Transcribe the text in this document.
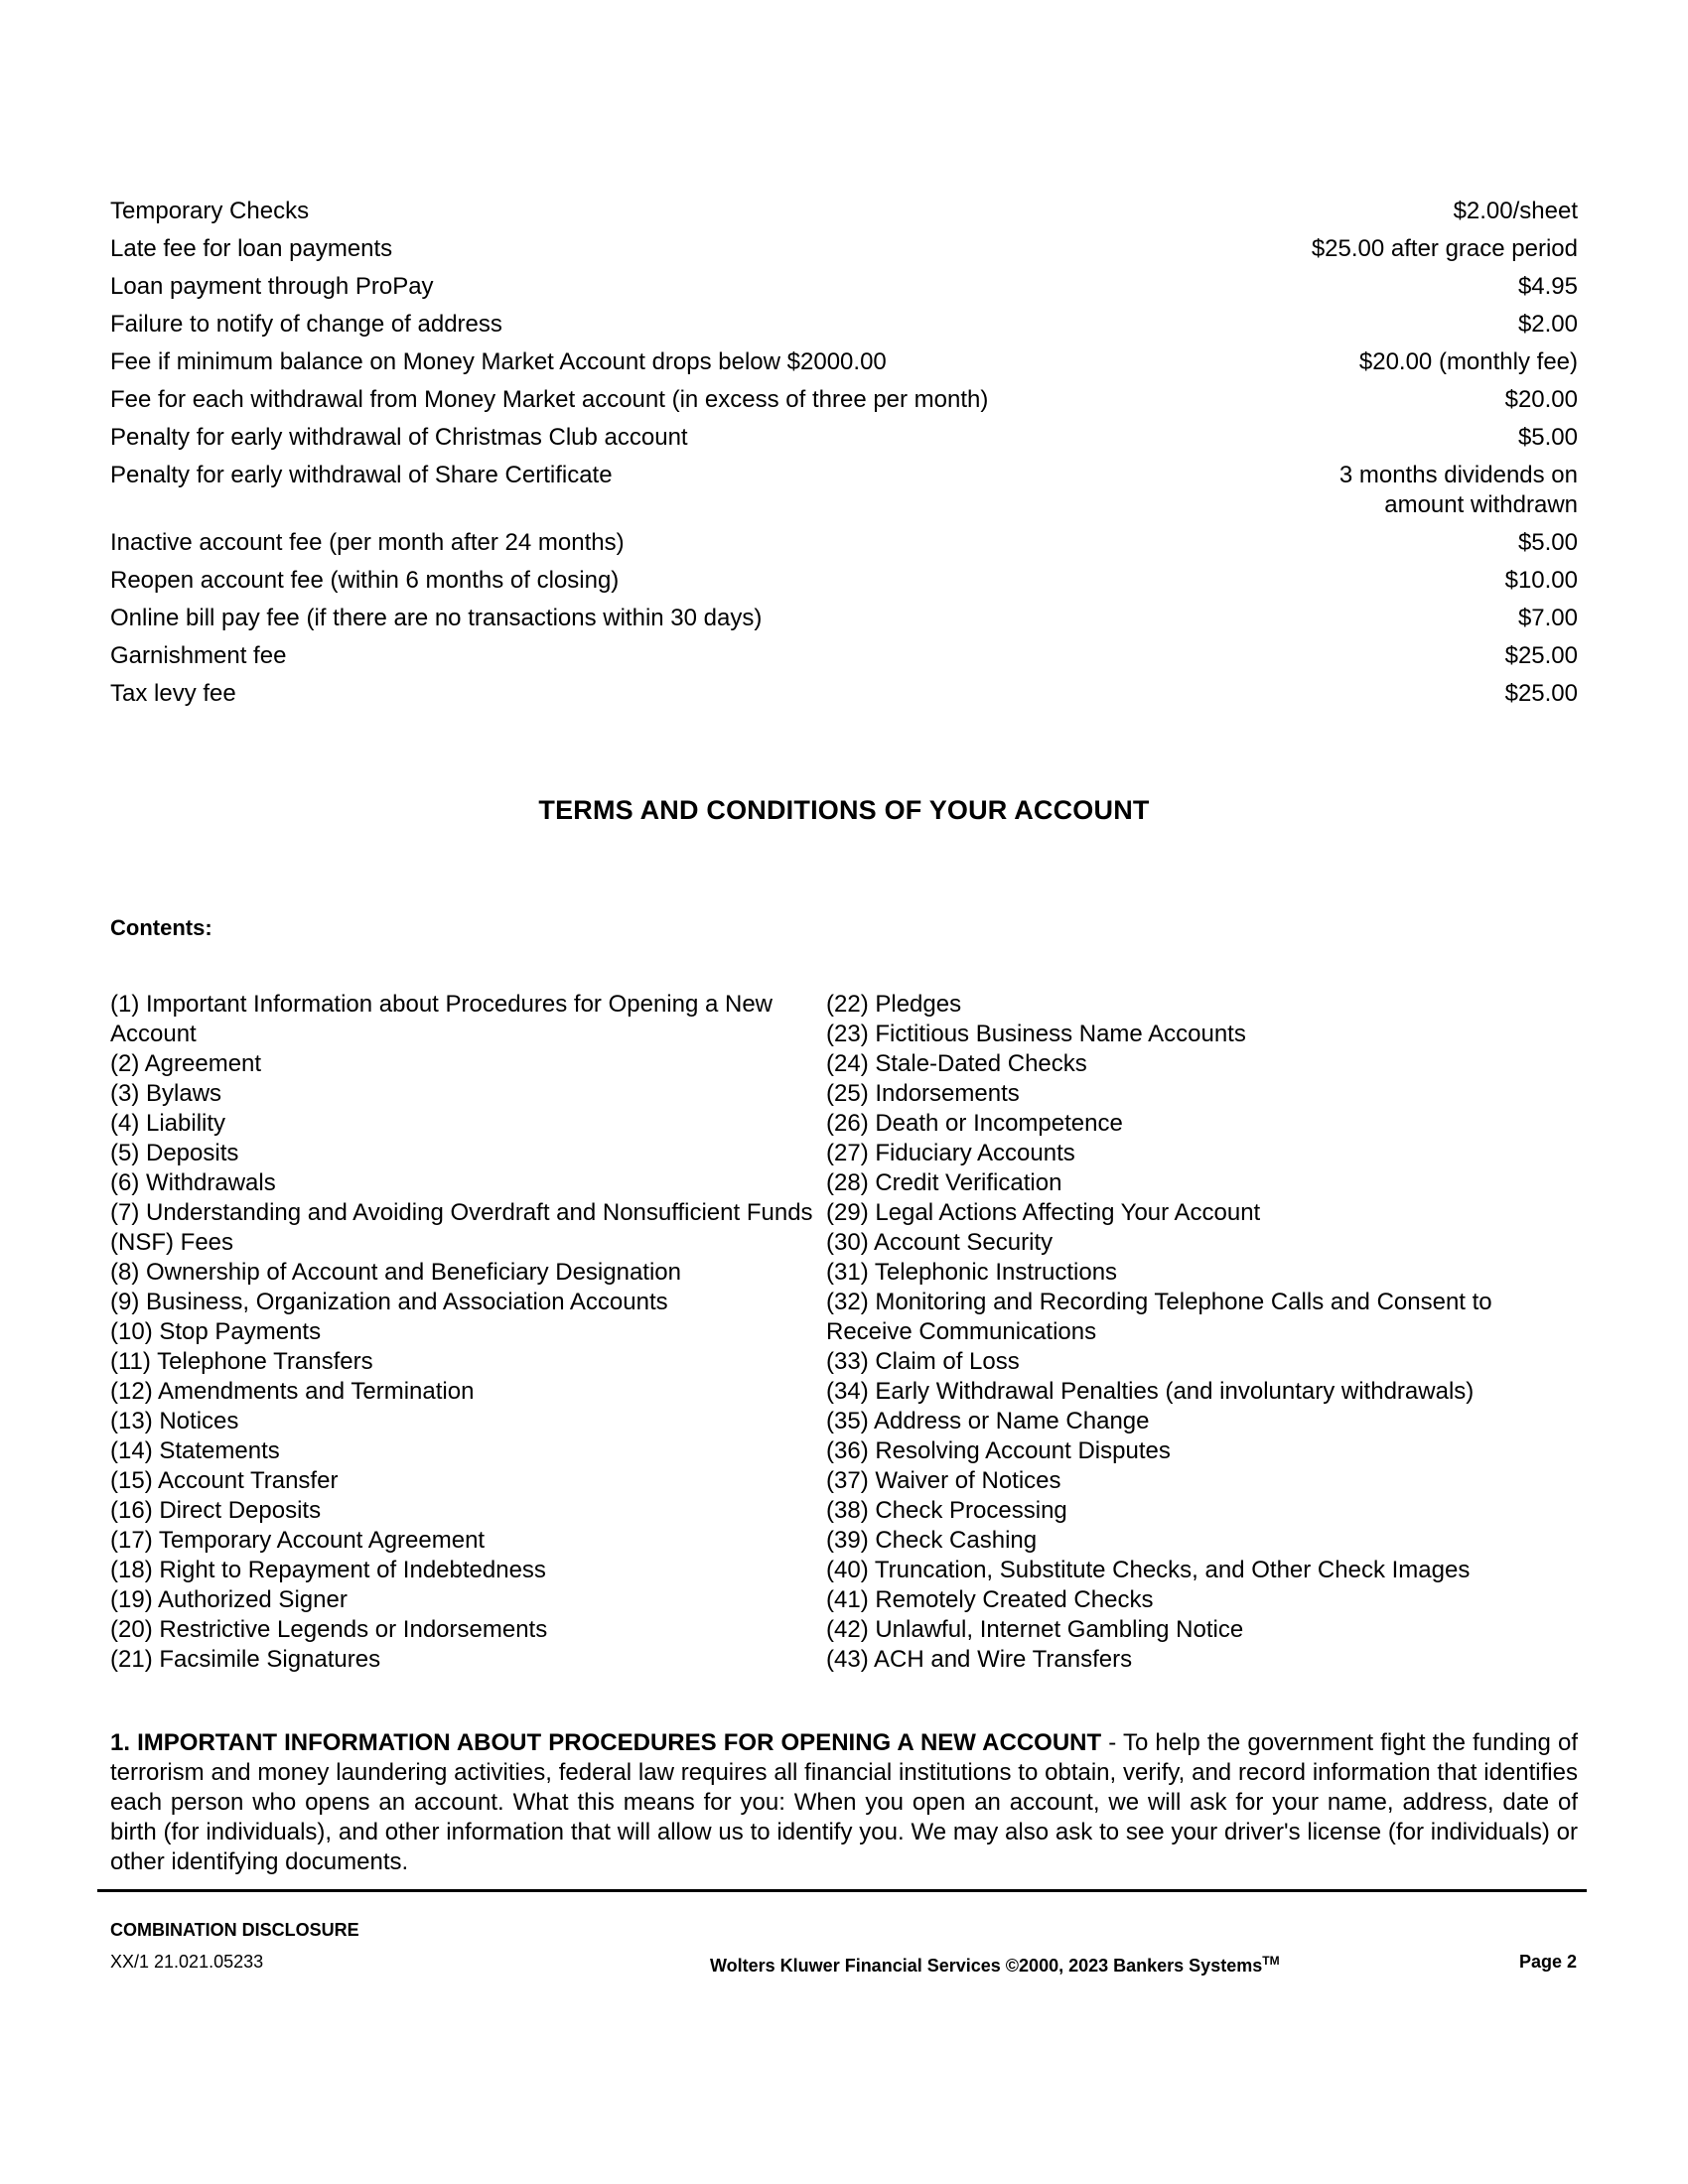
Temporary Checks	$2.00/sheet
Late fee for loan payments	$25.00 after grace period
Loan payment through ProPay	$4.95
Failure to notify of change of address	$2.00
Fee if minimum balance on Money Market Account drops below $2000.00	$20.00 (monthly fee)
Fee for each withdrawal from Money Market account (in excess of three per month)	$20.00
Penalty for early withdrawal of Christmas Club account	$5.00
Penalty for early withdrawal of Share Certificate	3 months dividends on
amount withdrawn
Inactive account fee (per month after 24 months)	$5.00
Reopen account fee (within 6 months of closing)	$10.00
Online bill pay fee (if there are no transactions within 30 days)	$7.00
Garnishment fee	$25.00
Tax levy fee	$25.00
TERMS AND CONDITIONS OF YOUR ACCOUNT
Contents:
(1) Important Information about Procedures for Opening a New Account
(2) Agreement
(3) Bylaws
(4) Liability
(5) Deposits
(6) Withdrawals
(7) Understanding and Avoiding Overdraft and Nonsufficient Funds (NSF) Fees
(8) Ownership of Account and Beneficiary Designation
(9) Business, Organization and Association Accounts
(10) Stop Payments
(11) Telephone Transfers
(12) Amendments and Termination
(13) Notices
(14) Statements
(15) Account Transfer
(16) Direct Deposits
(17) Temporary Account Agreement
(18) Right to Repayment of Indebtedness
(19) Authorized Signer
(20) Restrictive Legends or Indorsements
(21) Facsimile Signatures
(22) Pledges
(23) Fictitious Business Name Accounts
(24) Stale-Dated Checks
(25) Indorsements
(26) Death or Incompetence
(27) Fiduciary Accounts
(28) Credit Verification
(29) Legal Actions Affecting Your Account
(30) Account Security
(31) Telephonic Instructions
(32) Monitoring and Recording Telephone Calls and Consent to Receive Communications
(33) Claim of Loss
(34) Early Withdrawal Penalties (and involuntary withdrawals)
(35) Address or Name Change
(36) Resolving Account Disputes
(37) Waiver of Notices
(38) Check Processing
(39) Check Cashing
(40) Truncation, Substitute Checks, and Other Check Images
(41) Remotely Created Checks
(42) Unlawful, Internet Gambling Notice
(43) ACH and Wire Transfers
1. IMPORTANT INFORMATION ABOUT PROCEDURES FOR OPENING A NEW ACCOUNT - To help the government fight the funding of terrorism and money laundering activities, federal law requires all financial institutions to obtain, verify, and record information that identifies each person who opens an account. What this means for you: When you open an account, we will ask for your name, address, date of birth (for individuals), and other information that will allow us to identify you. We may also ask to see your driver's license (for individuals) or other identifying documents.
COMBINATION DISCLOSURE
XX/1 21.021.05233	Wolters Kluwer Financial Services ©2000, 2023 Bankers Systems™	Page 2
